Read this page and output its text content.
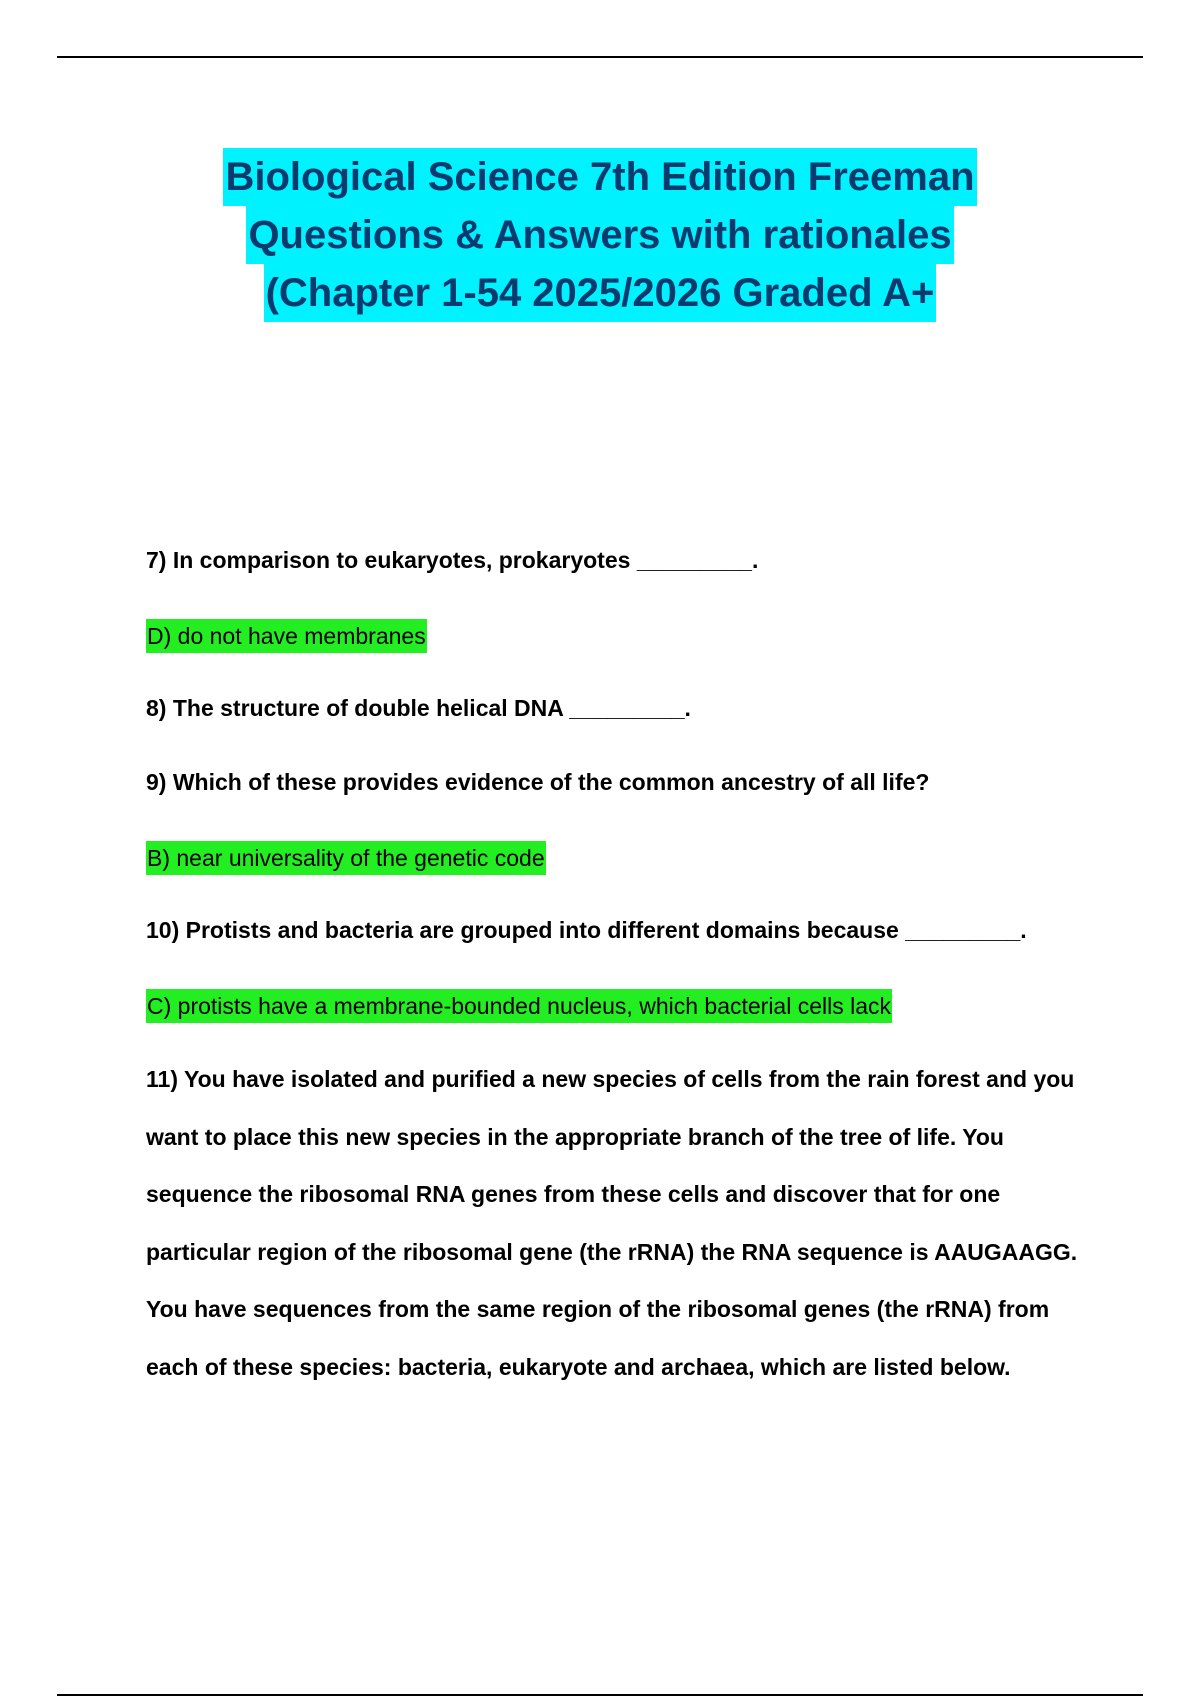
Biological Science 7th Edition Freeman
Questions & Answers with rationales
(Chapter 1-54 2025/2026 Graded A+

7) In comparison to eukaryotes, prokaryotes _________.

D) do not have membranes

8) The structure of double helical DNA _________.

9) Which of these provides evidence of the common ancestry of all life?

B) near universality of the genetic code

10) Protists and bacteria are grouped into different domains because _________.

C) protists have a membrane-bounded nucleus, which bacterial cells lack

11) You have isolated and purified a new species of cells from the rain forest and you want to place this new species in the appropriate branch of the tree of life. You sequence the ribosomal RNA genes from these cells and discover that for one particular region of the ribosomal gene (the rRNA) the RNA sequence is AAUGAAGG. You have sequences from the same region of the ribosomal genes (the rRNA) from each of these species: bacteria, eukaryote and archaea, which are listed below.
